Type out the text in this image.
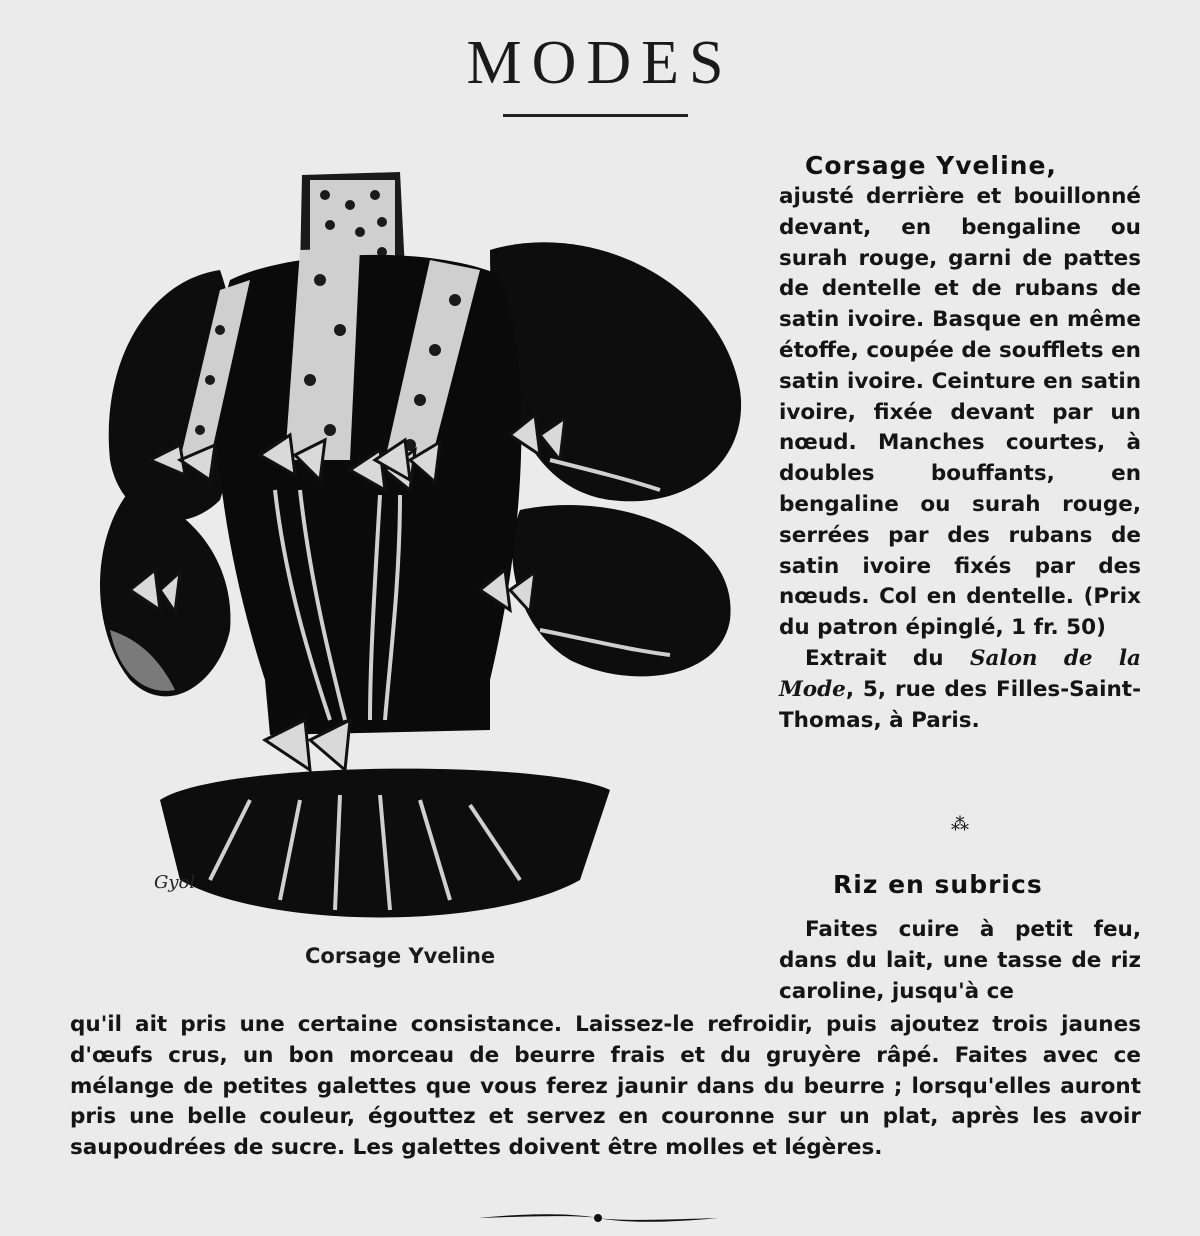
MODES
Gyol
Corsage Yveline

Corsage Yveline,

ajusté derrière et bouillonné devant, en bengaline ou surah rouge, garni de pattes de dentelle et de rubans de satin ivoire. Basque en même étoffe, coupée de soufflets en satin ivoire. Ceinture en satin ivoire, fixée devant par un nœud. Manches courtes, à doubles bouffants, en bengaline ou surah rouge, serrées par des rubans de satin ivoire fixés par des nœuds. Col en dentelle. (Prix du patron épinglé, 1 fr. 50)

Extrait du Salon de la Mode, 5, rue des Filles-Saint-Thomas, à Paris.

⁂
Riz en subrics

Faites cuire à petit feu, dans du lait, une tasse de riz caroline, jusqu'à ce

qu'il ait pris une certaine consistance. Laissez-le refroidir, puis ajoutez trois jaunes d'œufs crus, un bon morceau de beurre frais et du gruyère râpé. Faites avec ce mélange de petites galettes que vous ferez jaunir dans du beurre ; lorsqu'elles auront pris une belle couleur, égouttez et servez en couronne sur un plat, après les avoir saupoudrées de sucre. Les galettes doivent être molles et légères.
